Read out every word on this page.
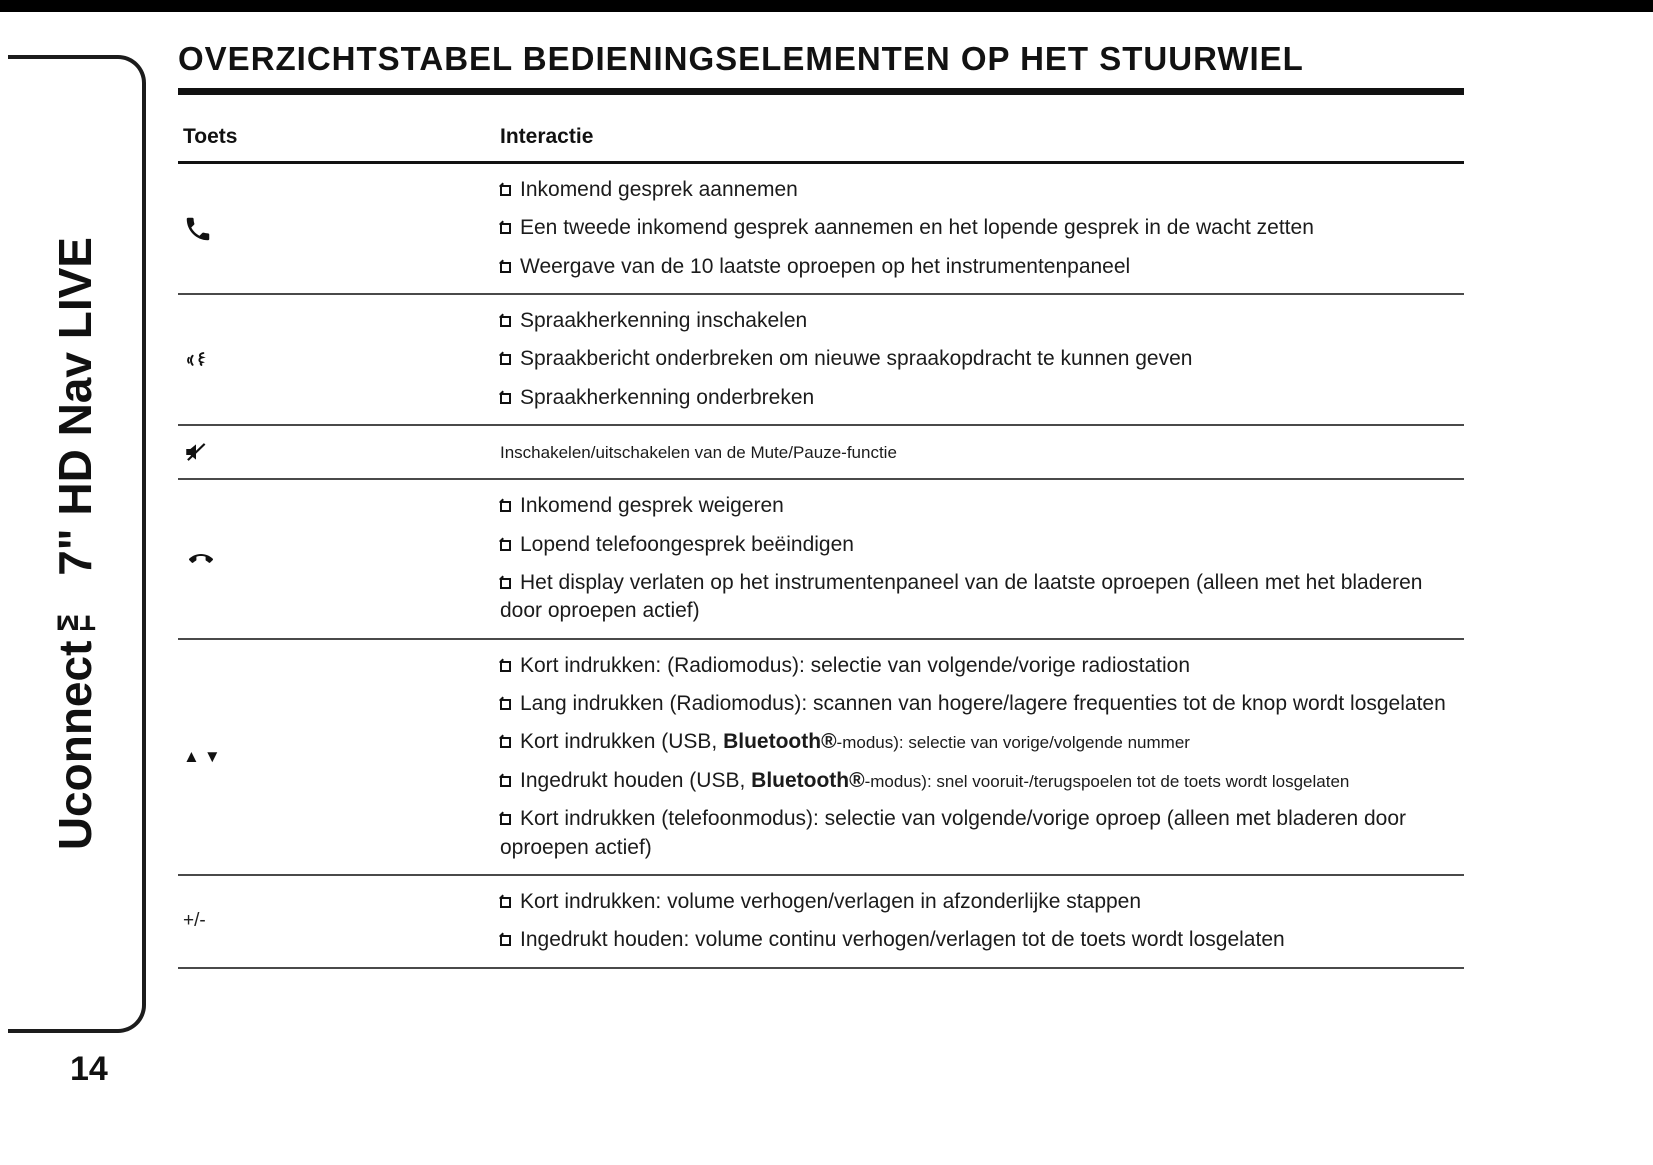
Uconnect™ 7" HD Nav LIVE
14
OVERZICHTSTABEL BEDIENINGSELEMENTEN OP HET STUURWIEL
Toets	Interactie
Inkomend gesprek aannemen
Een tweede inkomend gesprek aannemen en het lopende gesprek in de wacht zetten
Weergave van de 10 laatste oproepen op het instrumentenpaneel
Spraakherkenning inschakelen
Spraakbericht onderbreken om nieuwe spraakopdracht te kunnen geven
Spraakherkenning onderbreken
Inschakelen/uitschakelen van de Mute/Pauze-functie
Inkomend gesprek weigeren
Lopend telefoongesprek beëindigen
Het display verlaten op het instrumentenpaneel van de laatste oproepen (alleen met het bladeren door oproepen actief)
▲▼
Kort indrukken: (Radiomodus): selectie van volgende/vorige radiostation
Lang indrukken (Radiomodus): scannen van hogere/lagere frequenties tot de knop wordt losgelaten
Kort indrukken (USB, Bluetooth®-modus): selectie van vorige/volgende nummer
Ingedrukt houden (USB, Bluetooth®-modus): snel vooruit-/terugspoelen tot de toets wordt losgelaten
Kort indrukken (telefoonmodus): selectie van volgende/vorige oproep (alleen met bladeren door oproepen actief)
+/-
Kort indrukken: volume verhogen/verlagen in afzonderlijke stappen
Ingedrukt houden: volume continu verhogen/verlagen tot de toets wordt losgelaten
